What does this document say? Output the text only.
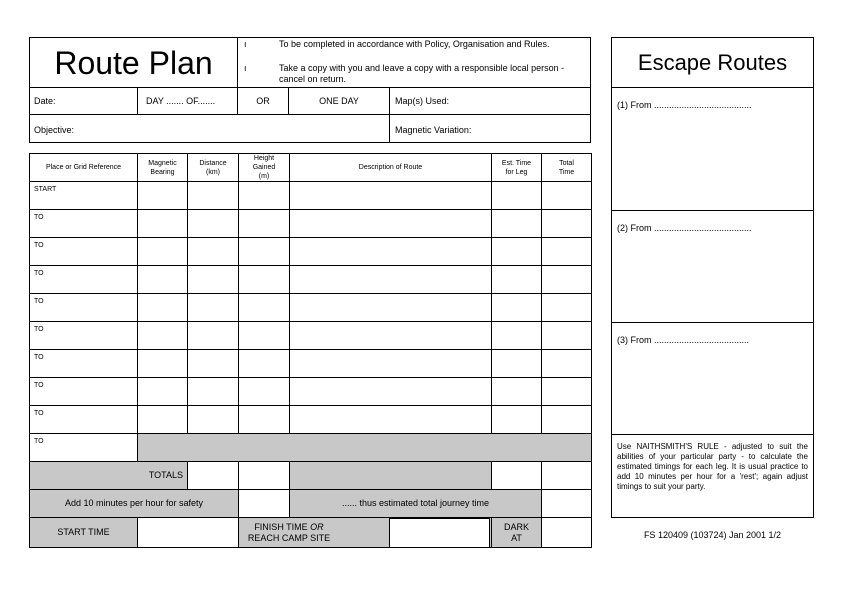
Route Plan
ı	To be completed in accordance with Policy, Organisation and Rules.
ı	Take a copy with you and leave a copy with a responsible local person - cancel on return.
Date:	DAY ....... OF.......	OR	ONE DAY	Map(s) Used:
Objective:	Magnetic Variation:
Place or Grid Reference	Magnetic Bearing	Distance (km)	Height Gained (m)	Description of Route	Est. Time for Leg	Total Time

START						

TO						

TO						

TO						

TO						

TO						

TO						

TO						

TO						

TO						

TOTALS						

Add 10 minutes per hour for safety				...... thus estimated total journey time		

START TIME			FINISH TIME OR
REACH CAMP SITE		DARK
AT	

Escape Routes
(1) From .......................................
(2) From .......................................
(3) From ......................................
Use NAITHSMITH'S RULE - adjusted to suit the abilities of your particular party - to calculate the estimated timings for each leg. It is usual practice to add 10 minutes per hour for a 'rest'; again adjust timings to suit your party.
FS 120409 (103724) Jan 2001 1/2
